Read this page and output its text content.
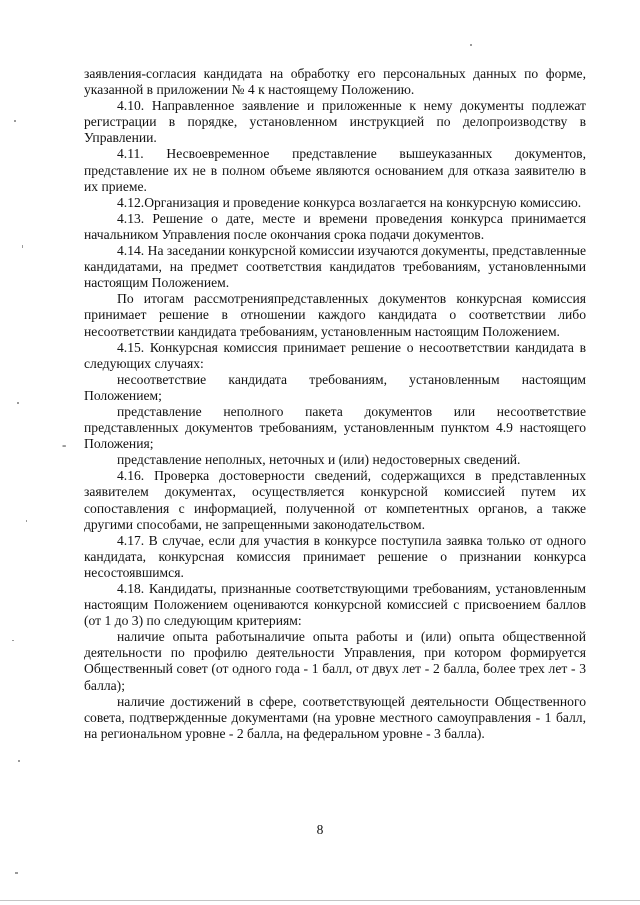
заявления-согласия кандидата на обработку его персональных данных по форме, указанной в приложении № 4 к настоящему Положению.

4.10. Направленное заявление и приложенные к нему документы подлежат регистрации в порядке, установленном инструкцией по делопроизводству в Управлении.

4.11. Несвоевременное представление вышеуказанных документов, представление их не в полном объеме являются основанием для отказа заявителю в их приеме.

4.12.Организация и проведение конкурса возлагается на конкурсную комиссию.

4.13. Решение о дате, месте и времени проведения конкурса принимается начальником Управления после окончания срока подачи документов.

4.14. На заседании конкурсной комиссии изучаются документы, представленные кандидатами, на предмет соответствия кандидатов требованиям, установленными настоящим Положением.

По итогам рассмотренияпредставленных документов конкурсная комиссия принимает решение в отношении каждого кандидата о соответствии либо несоответствии кандидата требованиям, установленным настоящим Положением.

4.15. Конкурсная комиссия принимает решение о несоответствии кандидата в следующих случаях:

несоответствие кандидата требованиям, установленным настоящим Положением;

представление неполного пакета документов или несоответствие представленных документов требованиям, установленным пунктом 4.9 настоящего Положения;

представление неполных, неточных и (или) недостоверных сведений.

4.16. Проверка достоверности сведений, содержащихся в представленных заявителем документах, осуществляется конкурсной комиссией путем их сопоставления с информацией, полученной от компетентных органов, а также другими способами, не запрещенными законодательством.

4.17. В случае, если для участия в конкурсе поступила заявка только от одного кандидата, конкурсная комиссия принимает решение о признании конкурса несостоявшимся.

4.18. Кандидаты, признанные соответствующими требованиям, установленным настоящим Положением оцениваются конкурсной комиссией с присвоением баллов (от 1 до 3) по следующим критериям:

наличие опыта работыналичие опыта работы и (или) опыта общественной деятельности по профилю деятельности Управления, при котором формируется Общественный совет (от одного года - 1 балл, от двух лет - 2 балла, более трех лет - 3 балла);

наличие достижений в сфере, соответствующей деятельности Общественного совета, подтвержденные документами (на уровне местного самоуправления - 1 балл, на региональном уровне - 2 балла, на федеральном уровне - 3 балла).

8
-
